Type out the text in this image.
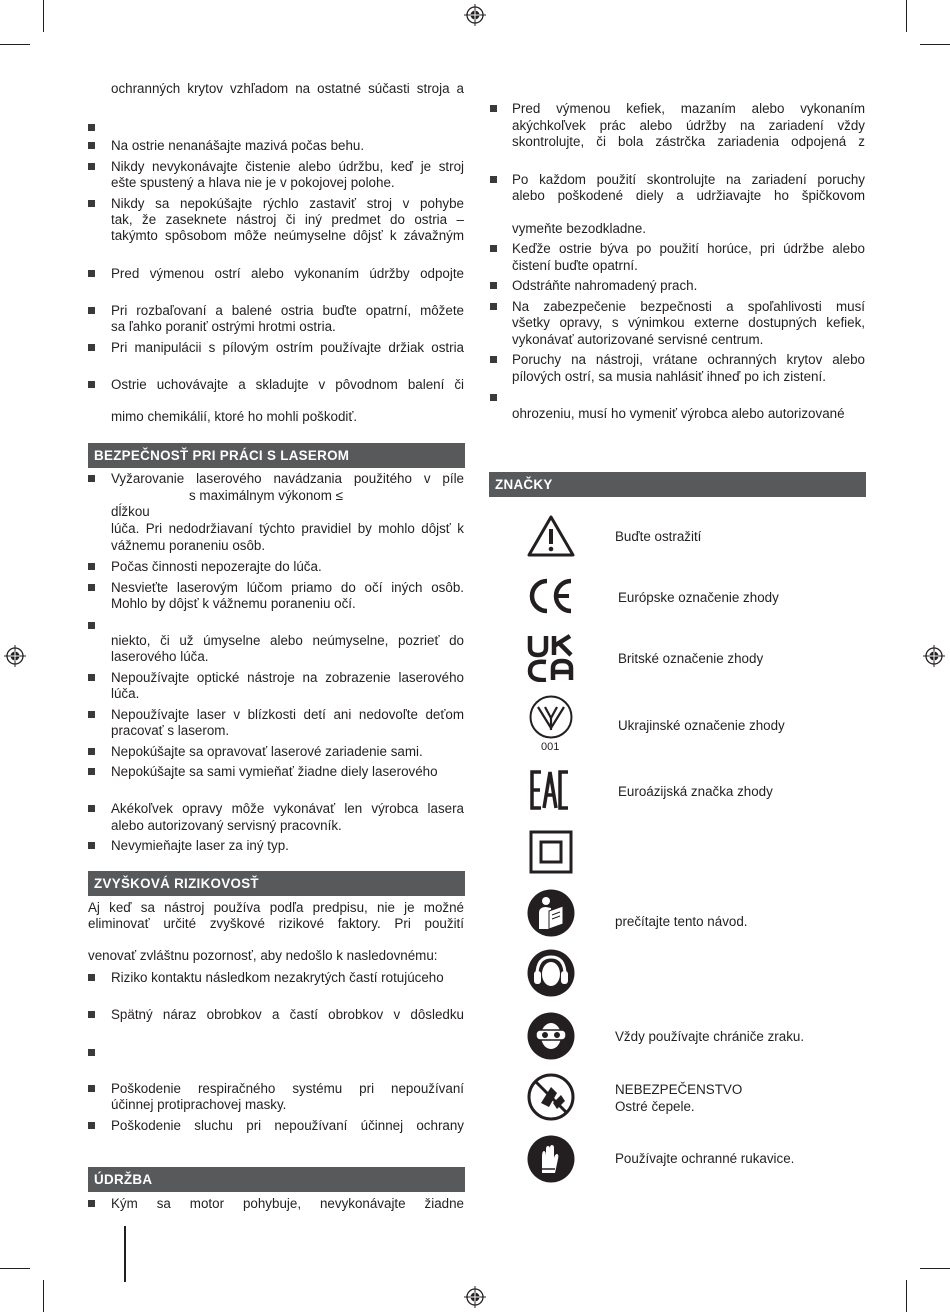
ochranných krytov vzhľadom na ostatné súčasti stroja a
Na ostrie nenanášajte mazivá počas behu.
Nikdy nevykonávajte čistenie alebo údržbu, keď je stroj
ešte spustený a hlava nie je v pokojovej polohe.
Nikdy sa nepokúšajte rýchlo zastaviť stroj v pohybe
tak, že zaseknete nástroj či iný predmet do ostria –
takýmto spôsobom môže neúmyselne dôjsť k závažným
Pred výmenou ostrí alebo vykonaním údržby odpojte
Pri rozbaľovaní a balené ostria buďte opatrní, môžete
sa ľahko poraniť ostrými hrotmi ostria.
Pri manipulácii s pílovým ostrím používajte držiak ostria
Ostrie uchovávajte a skladujte v pôvodnom balení či
mimo chemikálií, ktoré ho mohli poškodiť.
BEZPEČNOSŤ PRI PRÁCI S LASEROM
Vyžarovanie laserového navádzania použitého v píle
s maximálnym výkonom ≤
dĺžkou
lúča. Pri nedodržiavaní týchto pravidiel by mohlo dôjsť k
vážnemu poraneniu osôb.
Počas činnosti nepozerajte do lúča.
Nesvieťte laserovým lúčom priamo do očí iných osôb.
Mohlo by dôjsť k vážnemu poraneniu očí.
niekto, či už úmyselne alebo neúmyselne, pozrieť do
laserového lúča.
Nepoužívajte optické nástroje na zobrazenie laserového
lúča.
Nepoužívajte laser v blízkosti detí ani nedovoľte deťom
pracovať s laserom.
Nepokúšajte sa opravovať laserové zariadenie sami.
Nepokúšajte sa sami vymieňať žiadne diely laserového
Akékoľvek opravy môže vykonávať len výrobca lasera
alebo autorizovaný servisný pracovník.
Nevymieňajte laser za iný typ.
ZVYŠKOVÁ RIZIKOVOSŤ
Aj keď sa nástroj používa podľa predpisu, nie je možné
eliminovať určité zvyškové rizikové faktory. Pri použití
venovať zvláštnu pozornosť, aby nedošlo k nasledovnému:
Riziko kontaktu následkom nezakrytých častí rotujúceho
Spätný náraz obrobkov a častí obrobkov v dôsledku
Poškodenie respiračného systému pri nepoužívaní
účinnej protiprachovej masky.
Poškodenie sluchu pri nepoužívaní účinnej ochrany
ÚDRŽBA
Kým sa motor pohybuje, nevykonávajte žiadne
Pred výmenou kefiek, mazaním alebo vykonaním
akýchkoľvek prác alebo údržby na zariadení vždy
skontrolujte, či bola zástrčka zariadenia odpojená z
Po každom použití skontrolujte na zariadení poruchy
alebo poškodené diely a udržiavajte ho špičkovom
vymeňte bezodkladne.
Keďže ostrie býva po použití horúce, pri údržbe alebo
čistení buďte opatrní.
Odstráňte nahromadený prach.
Na zabezpečenie bezpečnosti a spoľahlivosti musí
všetky opravy, s výnimkou externe dostupných kefiek,
vykonávať autorizované servisné centrum.
Poruchy na nástroji, vrátane ochranných krytov alebo
pílových ostrí, sa musia nahlásiť ihneď po ich zistení.
ohrozeniu, musí ho vymeniť výrobca alebo autorizované
ZNAČKY
Buďte ostražití
Európske označenie zhody
Britské označenie zhody
001
Ukrajinské označenie zhody
Euroázijská značka zhody
prečítajte tento návod.
Vždy používajte chrániče zraku.
NEBEZPEČENSTVO
Ostré čepele.
Používajte ochranné rukavice.
